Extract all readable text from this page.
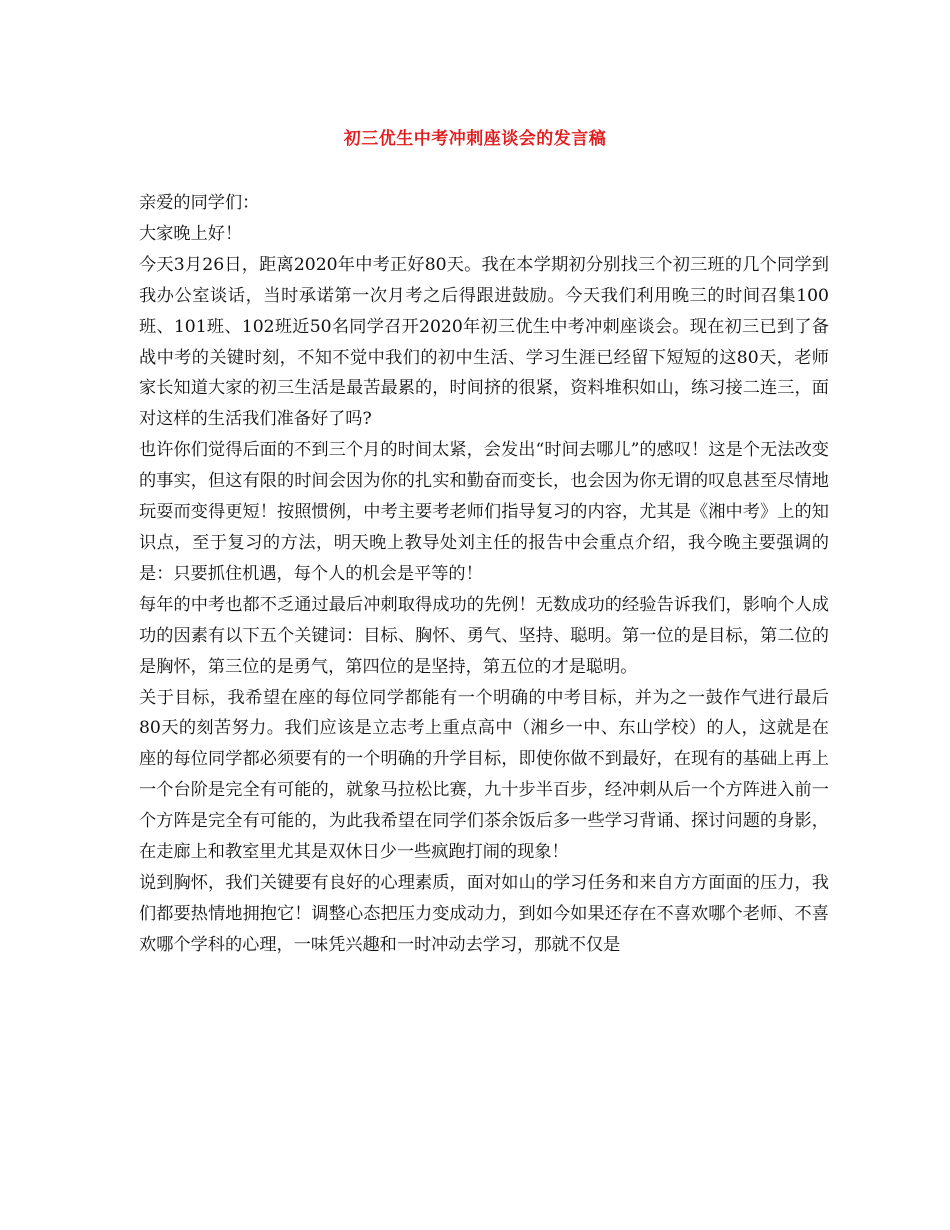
初三优生中考冲刺座谈会的发言稿

亲爱的同学们：

大家晚上好！

今天3月26日，距离2020年中考正好80天。我在本学期初分别找三个初三班的几个同学到我办公室谈话，当时承诺第一次月考之后得跟进鼓励。今天我们利用晚三的时间召集100班、101班、102班近50名同学召开2020年初三优生中考冲刺座谈会。现在初三已到了备战中考的关键时刻，不知不觉中我们的初中生活、学习生涯已经留下短短的这80天，老师家长知道大家的初三生活是最苦最累的，时间挤的很紧，资料堆积如山，练习接二连三，面对这样的生活我们准备好了吗?

也许你们觉得后面的不到三个月的时间太紧，会发出“时间去哪儿”的感叹！这是个无法改变的事实，但这有限的时间会因为你的扎实和勤奋而变长，也会因为你无谓的叹息甚至尽情地玩耍而变得更短！按照惯例，中考主要考老师们指导复习的内容，尤其是《湘中考》上的知识点，至于复习的方法，明天晚上教导处刘主任的报告中会重点介绍，我今晚主要强调的是：只要抓住机遇，每个人的机会是平等的！

每年的中考也都不乏通过最后冲刺取得成功的先例！无数成功的经验告诉我们，影响个人成功的因素有以下五个关键词：目标、胸怀、勇气、坚持、聪明。第一位的是目标，第二位的是胸怀，第三位的是勇气，第四位的是坚持，第五位的才是聪明。

关于目标，我希望在座的每位同学都能有一个明确的中考目标，并为之一鼓作气进行最后80天的刻苦努力。我们应该是立志考上重点高中（湘乡一中、东山学校）的人，这就是在座的每位同学都必须要有的一个明确的升学目标，即使你做不到最好，在现有的基础上再上一个台阶是完全有可能的，就象马拉松比赛，九十步半百步，经冲刺从后一个方阵进入前一个方阵是完全有可能的，为此我希望在同学们茶余饭后多一些学习背诵、探讨问题的身影，在走廊上和教室里尤其是双休日少一些疯跑打闹的现象！

说到胸怀，我们关键要有良好的心理素质，面对如山的学习任务和来自方方面面的压力，我们都要热情地拥抱它！调整心态把压力变成动力，到如今如果还存在不喜欢哪个老师、不喜欢哪个学科的心理，一味凭兴趣和一时冲动去学习，那就不仅是
